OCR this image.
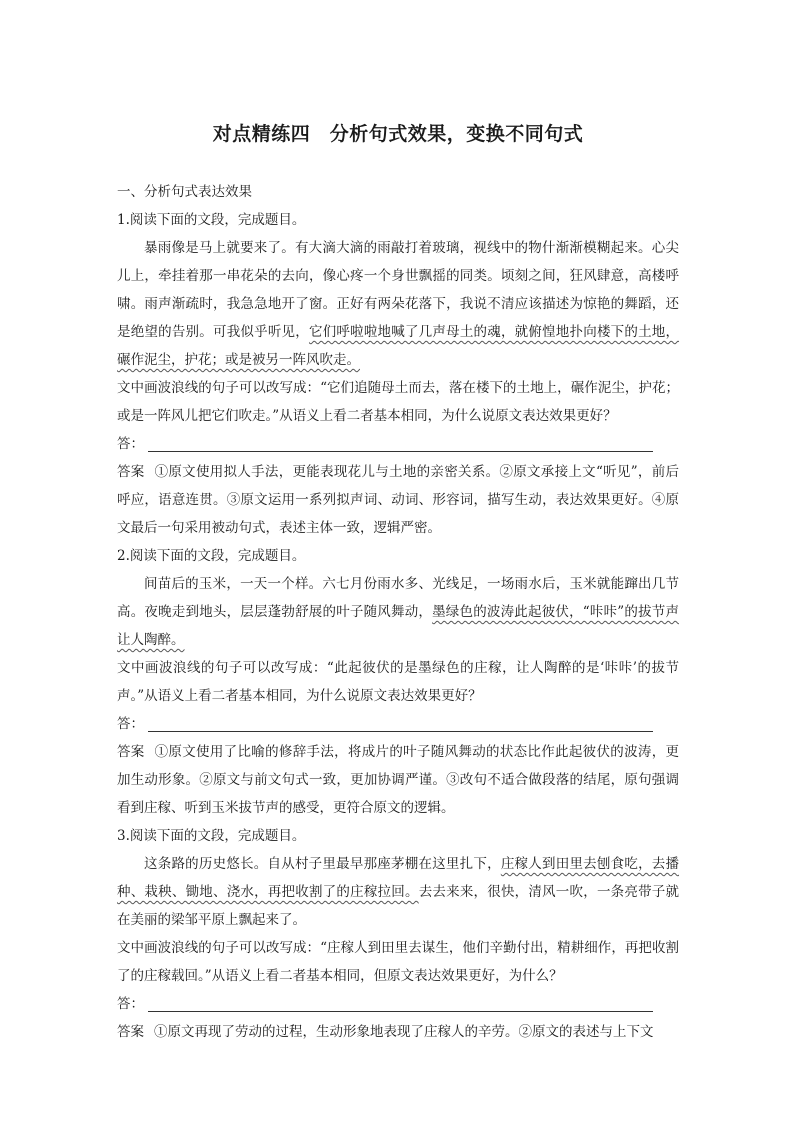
对点精练四　分析句式效果，变换不同句式

一、分析句式表达效果

1.阅读下面的文段，完成题目。

暴雨像是马上就要来了。有大滴大滴的雨敲打着玻璃，视线中的物什渐渐模糊起来。心尖儿上，牵挂着那一串花朵的去向，像心疼一个身世飘摇的同类。顷刻之间，狂风肆意，高楼呼啸。雨声渐疏时，我急急地开了窗。正好有两朵花落下，我说不清应该描述为惊艳的舞蹈，还是绝望的告别。可我似乎听见，它们呼啦啦地喊了几声母土的魂，就俯惶地扑向楼下的土地，碾作泥尘，护花；或是被另一阵风吹走。

文中画波浪线的句子可以改写成：“它们追随母土而去，落在楼下的土地上，碾作泥尘，护花；或是一阵风儿把它们吹走。”从语义上看二者基本相同，为什么说原文表达效果更好？

答：

答案 ①原文使用拟人手法，更能表现花儿与土地的亲密关系。②原文承接上文“听见”，前后呼应，语意连贯。③原文运用一系列拟声词、动词、形容词，描写生动，表达效果更好。④原文最后一句采用被动句式，表述主体一致，逻辑严密。

2.阅读下面的文段，完成题目。

间苗后的玉米，一天一个样。六七月份雨水多、光线足，一场雨水后，玉米就能蹿出几节高。夜晚走到地头，层层蓬勃舒展的叶子随风舞动，墨绿色的波涛此起彼伏，“咔咔”的拔节声让人陶醉。

文中画波浪线的句子可以改写成：“此起彼伏的是墨绿色的庄稼，让人陶醉的是‘咔咔’的拔节声。”从语义上看二者基本相同，为什么说原文表达效果更好？

答：

答案 ①原文使用了比喻的修辞手法，将成片的叶子随风舞动的状态比作此起彼伏的波涛，更加生动形象。②原文与前文句式一致，更加协调严谨。③改句不适合做段落的结尾，原句强调看到庄稼、听到玉米拔节声的感受，更符合原文的逻辑。

3.阅读下面的文段，完成题目。

这条路的历史悠长。自从村子里最早那座茅棚在这里扎下，庄稼人到田里去刨食吃，去播种、栽秧、锄地、浇水，再把收割了的庄稼拉回。去去来来，很快，清风一吹，一条亮带子就在美丽的梁邹平原上飘起来了。

文中画波浪线的句子可以改写成：“庄稼人到田里去谋生，他们辛勤付出，精耕细作，再把收割了的庄稼载回。”从语义上看二者基本相同，但原文表达效果更好，为什么？

答：

答案 ①原文再现了劳动的过程，生动形象地表现了庄稼人的辛劳。②原文的表述与上下文
